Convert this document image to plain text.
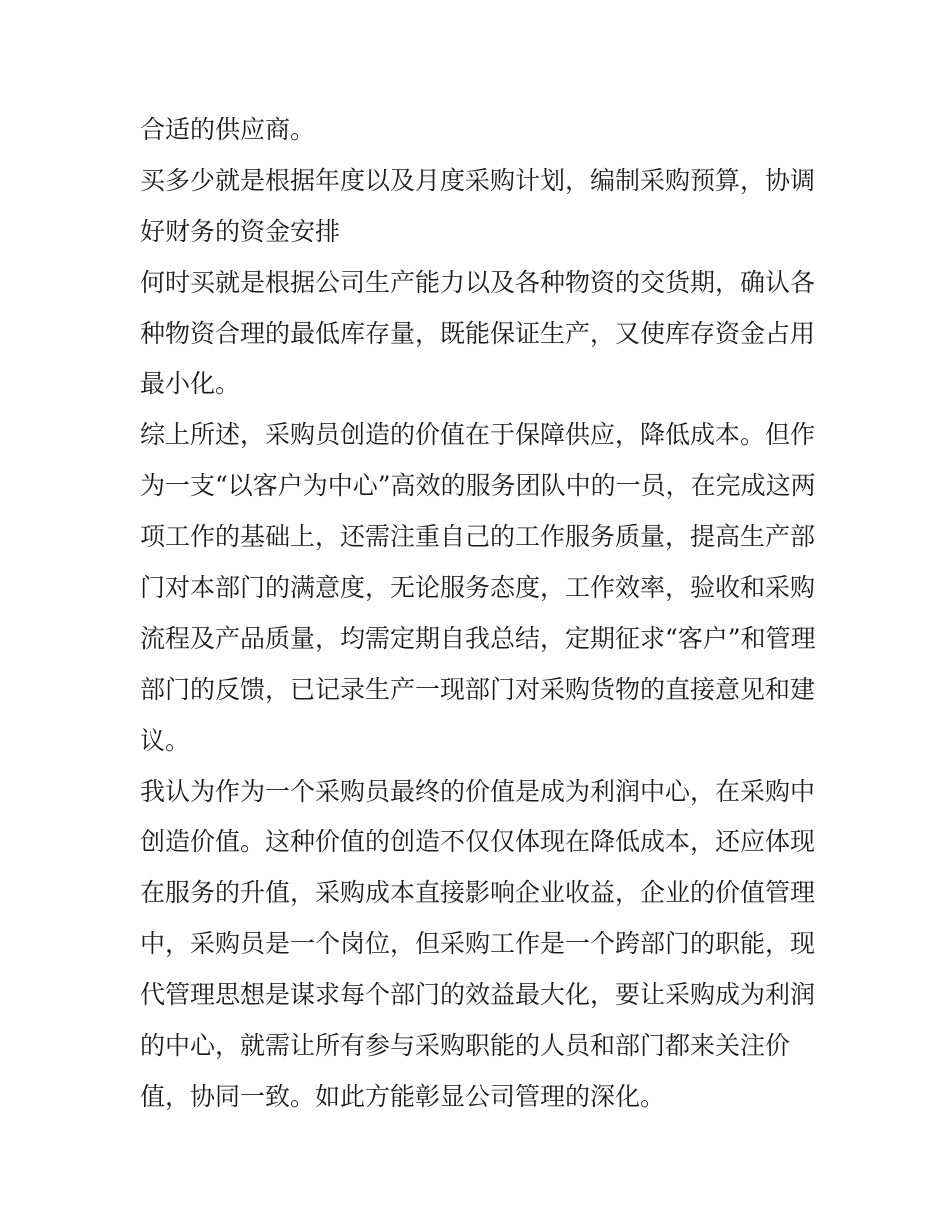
合适的供应商。

买多少就是根据年度以及月度采购计划，编制采购预算，协调
好财务的资金安排

何时买就是根据公司生产能力以及各种物资的交货期，确认各
种物资合理的最低库存量，既能保证生产，又使库存资金占用
最小化。

综上所述，采购员创造的价值在于保障供应，降低成本。但作
为一支“以客户为中心”高效的服务团队中的一员，在完成这两
项工作的基础上，还需注重自己的工作服务质量，提高生产部
门对本部门的满意度，无论服务态度，工作效率，验收和采购
流程及产品质量，均需定期自我总结，定期征求“客户”和管理
部门的反馈，已记录生产一现部门对采购货物的直接意见和建
议。

我认为作为一个采购员最终的价值是成为利润中心，在采购中
创造价值。这种价值的创造不仅仅体现在降低成本，还应体现
在服务的升值，采购成本直接影响企业收益，企业的价值管理
中，采购员是一个岗位，但采购工作是一个跨部门的职能，现
代管理思想是谋求每个部门的效益最大化，要让采购成为利润
的中心，就需让所有参与采购职能的人员和部门都来关注价
值，协同一致。如此方能彰显公司管理的深化。
